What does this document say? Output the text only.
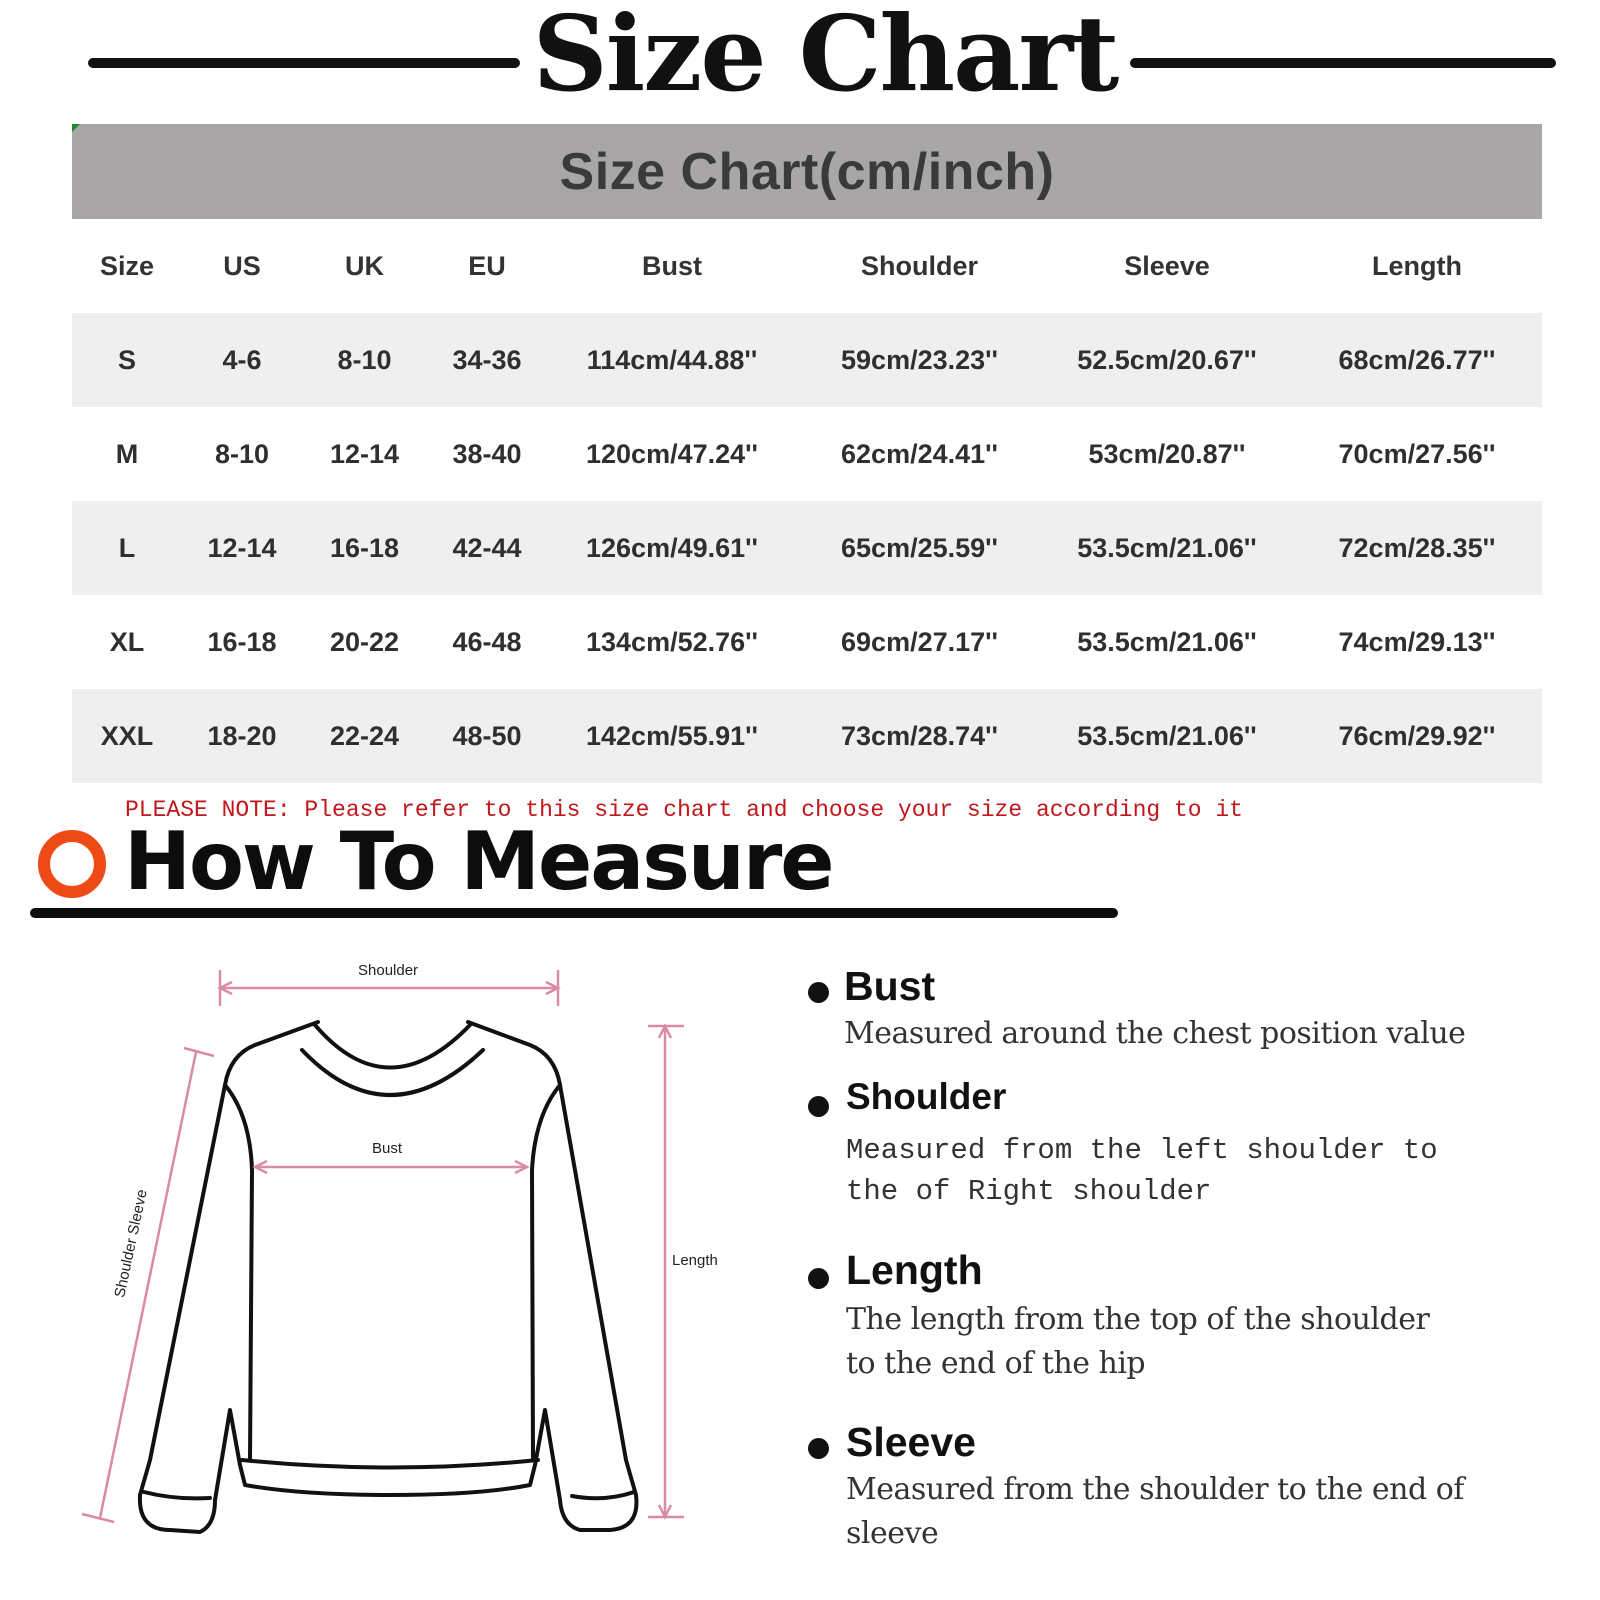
Size Chart
Size Chart(cm/inch)
Size	US	UK	EU	Bust	Shoulder	Sleeve	Length
S	4-6	8-10	34-36	114cm/44.88''	59cm/23.23''	52.5cm/20.67''	68cm/26.77''
M	8-10	12-14	38-40	120cm/47.24''	62cm/24.41''	53cm/20.87''	70cm/27.56''
L	12-14	16-18	42-44	126cm/49.61''	65cm/25.59''	53.5cm/21.06''	72cm/28.35''
XL	16-18	20-22	46-48	134cm/52.76''	69cm/27.17''	53.5cm/21.06''	74cm/29.13''
XXL	18-20	22-24	48-50	142cm/55.91''	73cm/28.74''	53.5cm/21.06''	76cm/29.92''
PLEASE NOTE: Please refer to this size chart and choose your size according to it
How To Measure
Shoulder
Bust
Length
Shoulder Sleeve
Bust
Measured around the chest position value
Shoulder
Measured from the left shoulder to the of Right shoulder
Length
The length from the top of the shoulder to the end of the hip
Sleeve
Measured from the shoulder to the end of sleeve
